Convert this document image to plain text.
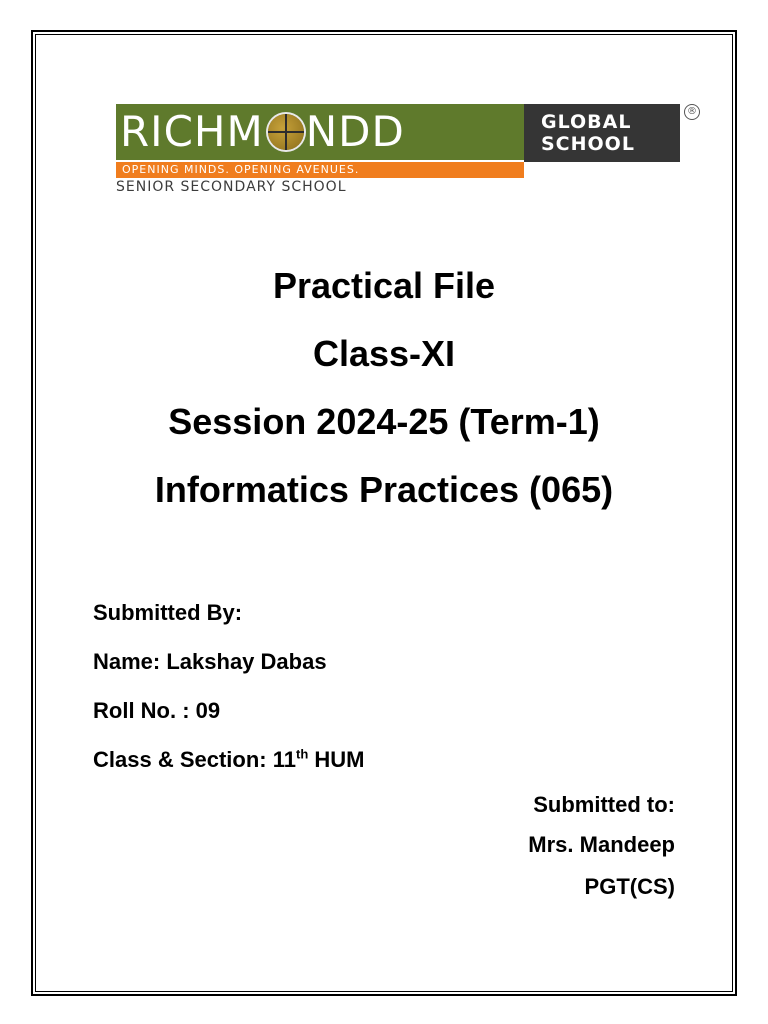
RICHM NDD	GLOBAL
SCHOOL
®
OPENING MINDS. OPENING AVENUES.
SENIOR SECONDARY SCHOOL
Practical File
Class-XI
Session 2024-25 (Term-1)
Informatics Practices (065)
Submitted By:
Name: Lakshay Dabas
Roll No. : 09
Class & Section: 11th HUM
Submitted to:
Mrs. Mandeep
PGT(CS)
